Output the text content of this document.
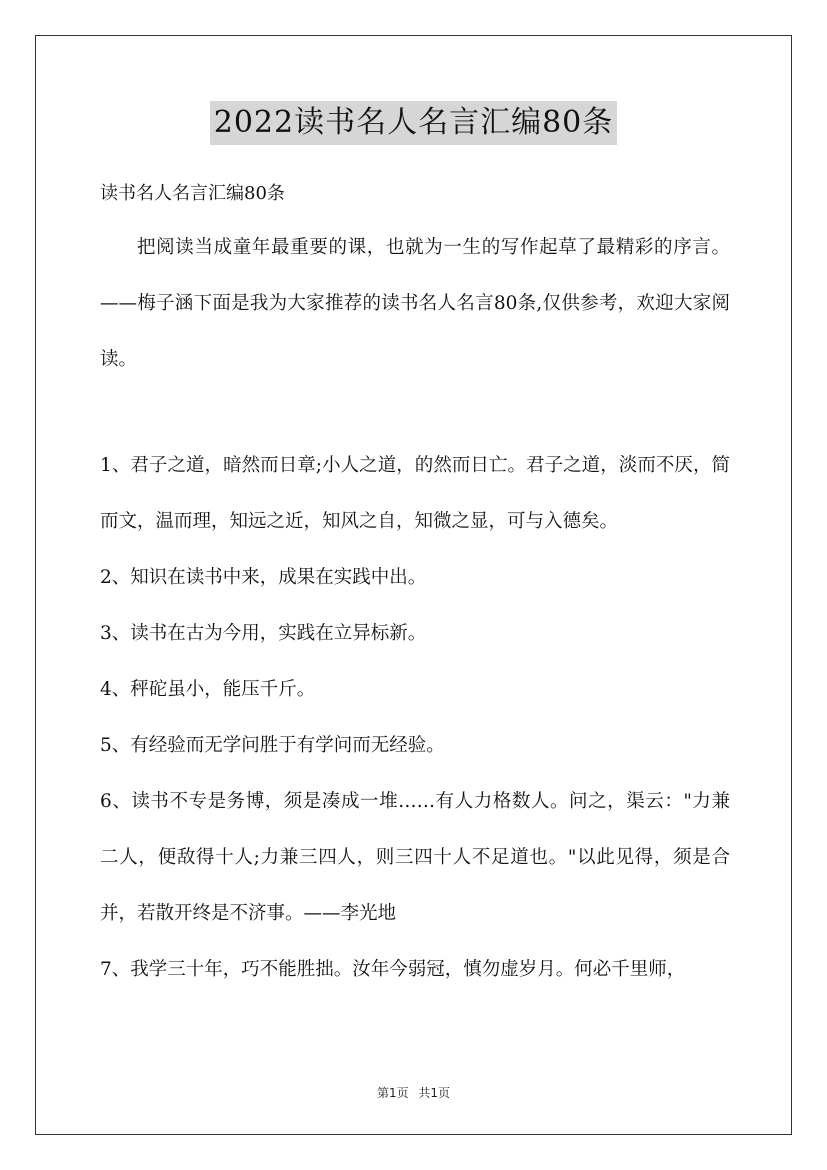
2022读书名人名言汇编80条
读书名人名言汇编80条
把阅读当成童年最重要的课，也就为一生的写作起草了最精彩的序言。——梅子涵下面是我为大家推荐的读书名人名言80条,仅供参考，欢迎大家阅读。
1、君子之道，暗然而日章;小人之道，的然而日亡。君子之道，淡而不厌，简而文，温而理，知远之近，知风之自，知微之显，可与入德矣。
2、知识在读书中来，成果在实践中出。
3、读书在古为今用，实践在立异标新。
4、秤砣虽小，能压千斤。
5、有经验而无学问胜于有学问而无经验。
6、读书不专是务博，须是凑成一堆……有人力格数人。问之，渠云："力兼二人，便敌得十人;力兼三四人，则三四十人不足道也。"以此见得，须是合并，若散开终是不济事。——李光地
7、我学三十年，巧不能胜拙。汝年今弱冠，慎勿虚岁月。何必千里师，
第1页 共1页
